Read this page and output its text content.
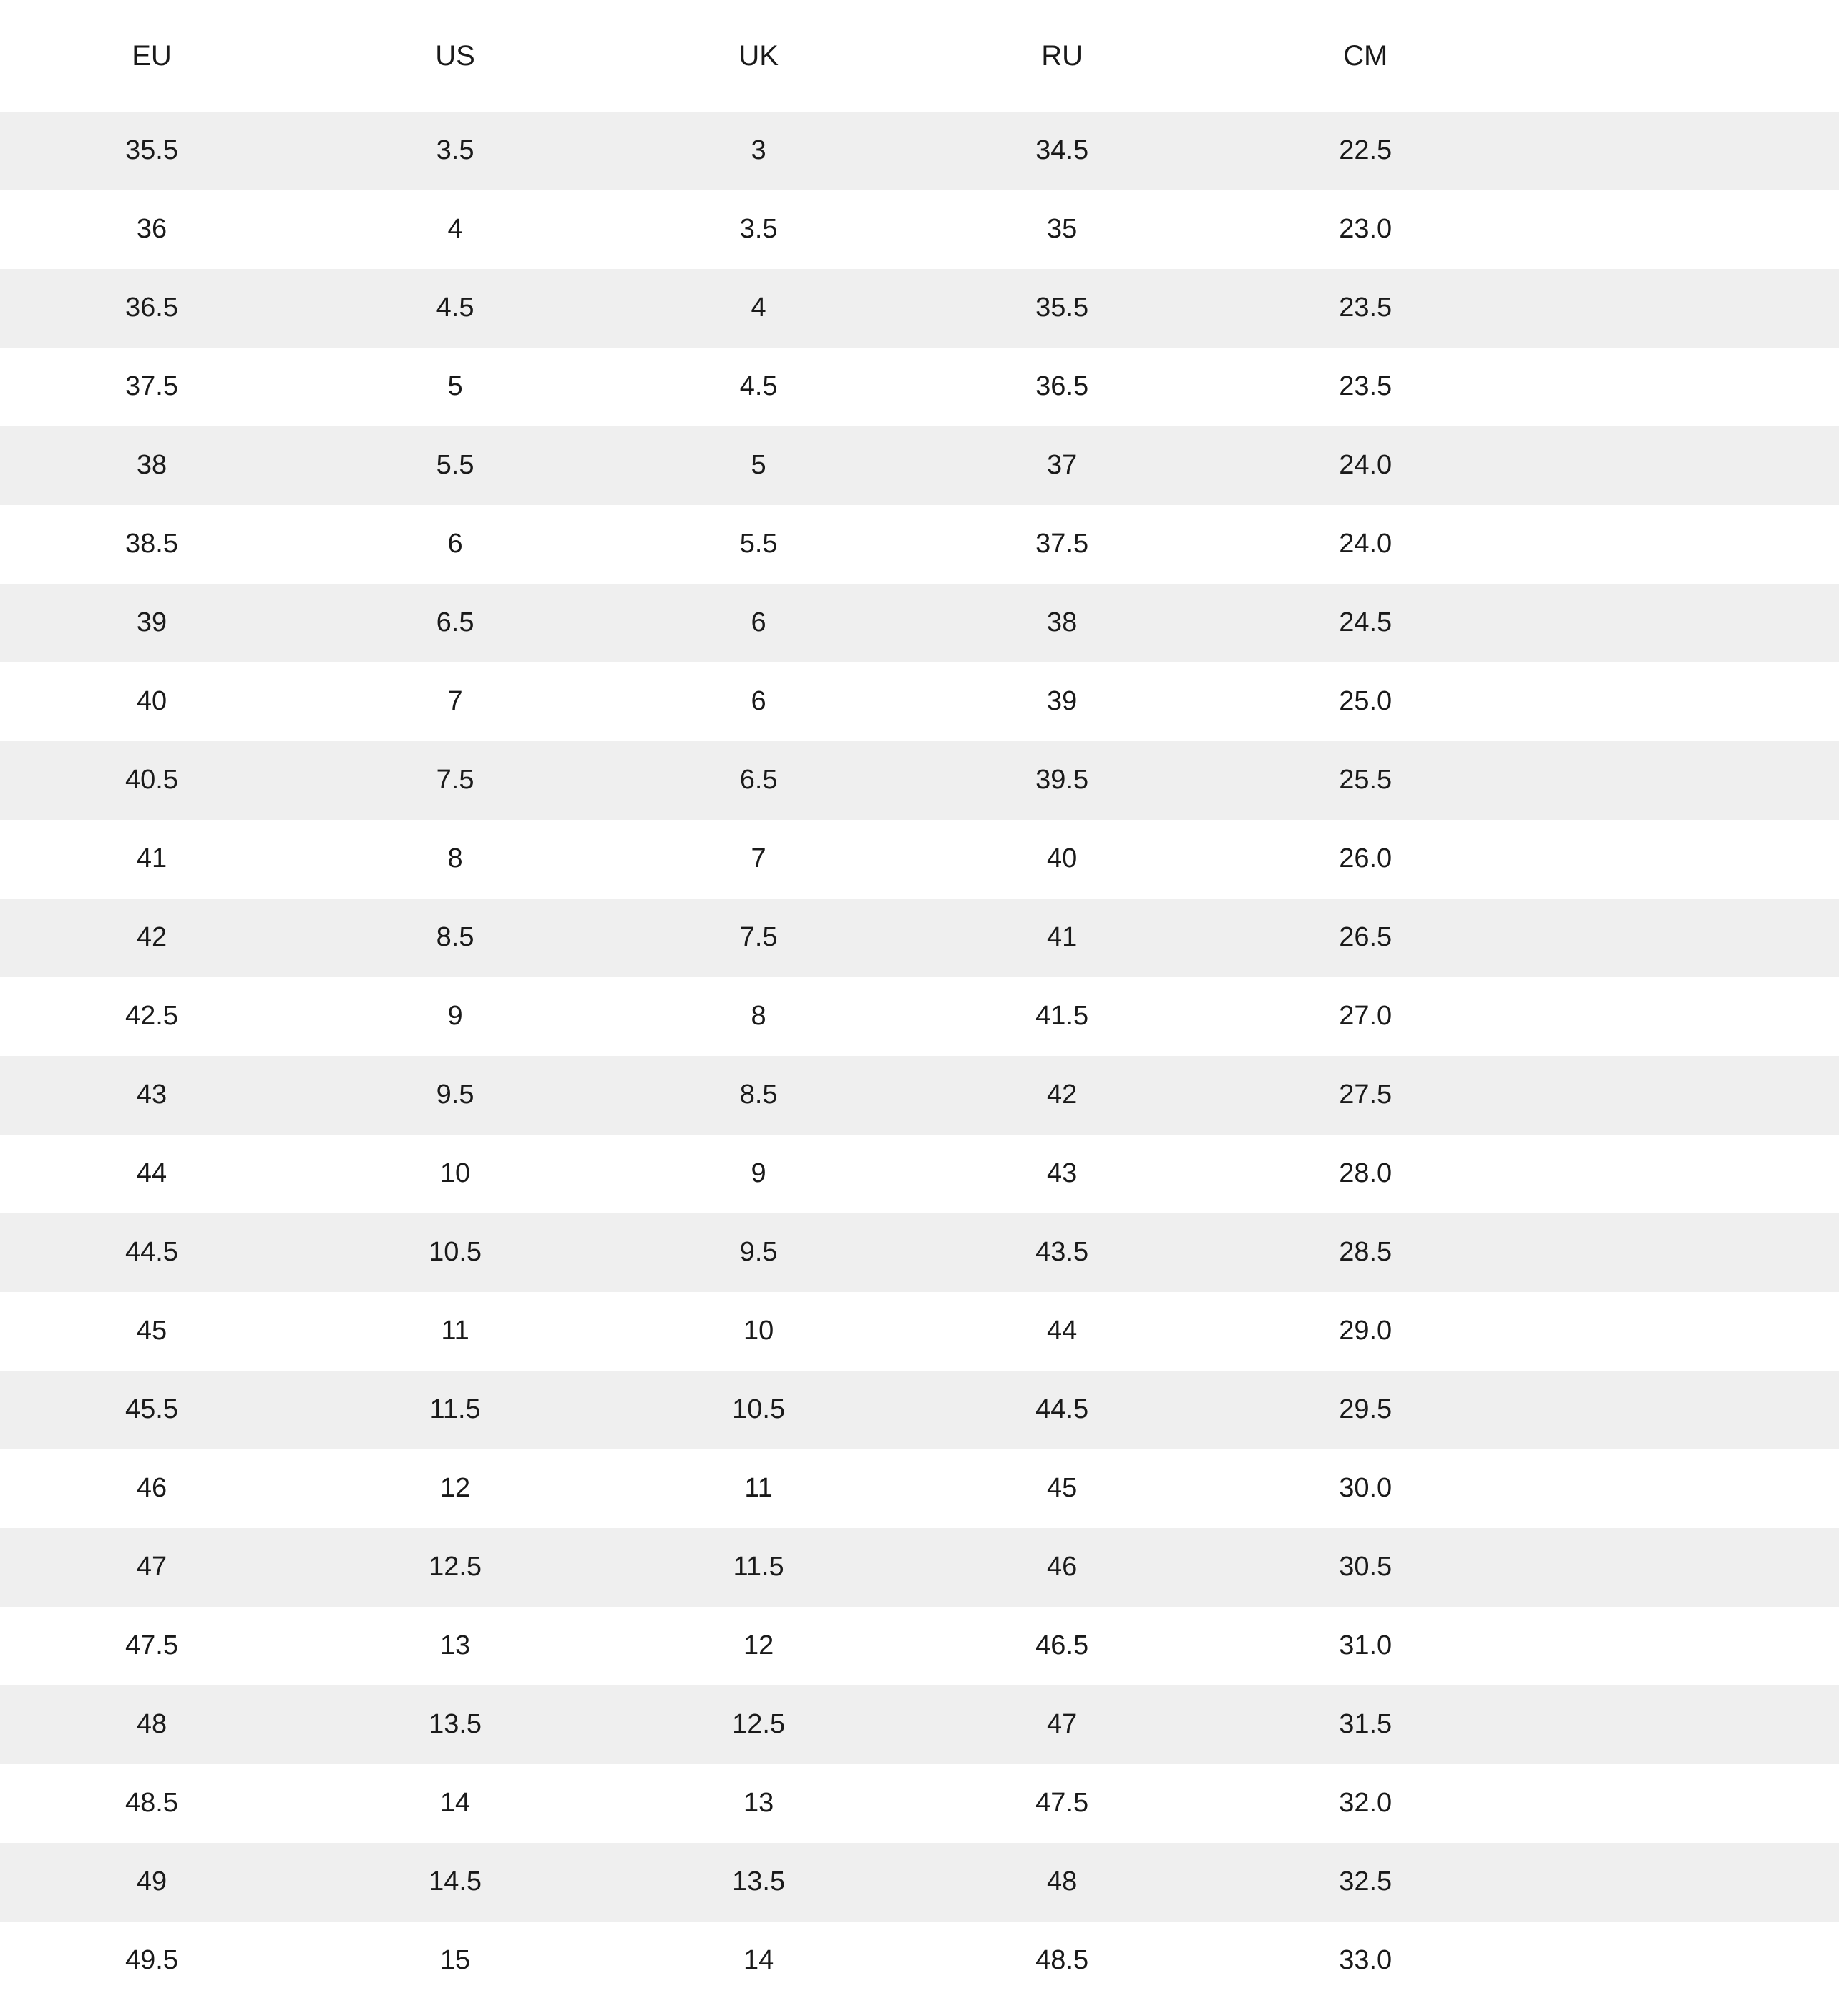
EU	US	UK	RU	CM	
35.5	3.5	3	34.5	22.5	
36	4	3.5	35	23.0	
36.5	4.5	4	35.5	23.5	
37.5	5	4.5	36.5	23.5	
38	5.5	5	37	24.0	
38.5	6	5.5	37.5	24.0	
39	6.5	6	38	24.5	
40	7	6	39	25.0	
40.5	7.5	6.5	39.5	25.5	
41	8	7	40	26.0	
42	8.5	7.5	41	26.5	
42.5	9	8	41.5	27.0	
43	9.5	8.5	42	27.5	
44	10	9	43	28.0	
44.5	10.5	9.5	43.5	28.5	
45	11	10	44	29.0	
45.5	11.5	10.5	44.5	29.5	
46	12	11	45	30.0	
47	12.5	11.5	46	30.5	
47.5	13	12	46.5	31.0	
48	13.5	12.5	47	31.5	
48.5	14	13	47.5	32.0	
49	14.5	13.5	48	32.5	
49.5	15	14	48.5	33.0	
